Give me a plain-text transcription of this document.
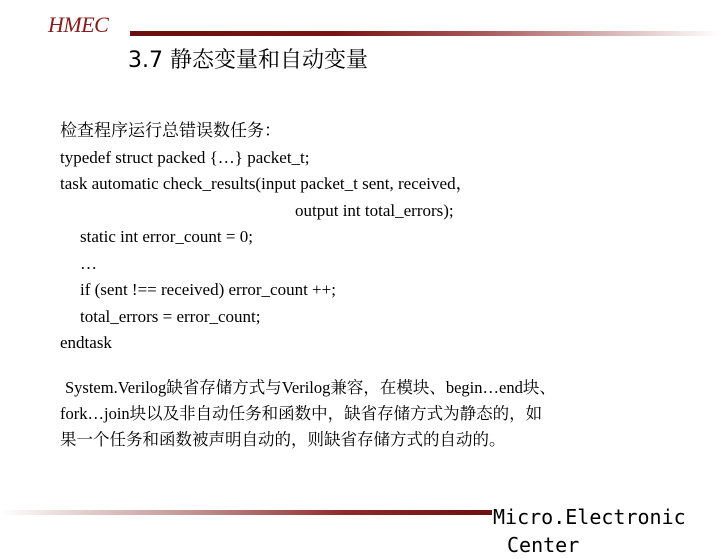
HMEC
3.7 静态变量和自动变量
检查程序运行总错误数任务：
typedef struct packed {…} packet_t;
task automatic check_results(input packet_t sent, received，
output int total_errors);
static int error_count = 0;
…
if (sent !== received) error_count ++;
total_errors = error_count;
endtask
System.Verilog缺省存储方式与Verilog兼容，在模块、begin…end块、
fork…join块以及非自动任务和函数中，缺省存储方式为静态的，如
果一个任务和函数被声明自动的，则缺省存储方式的自动的。
Micro.Electronic
Center
